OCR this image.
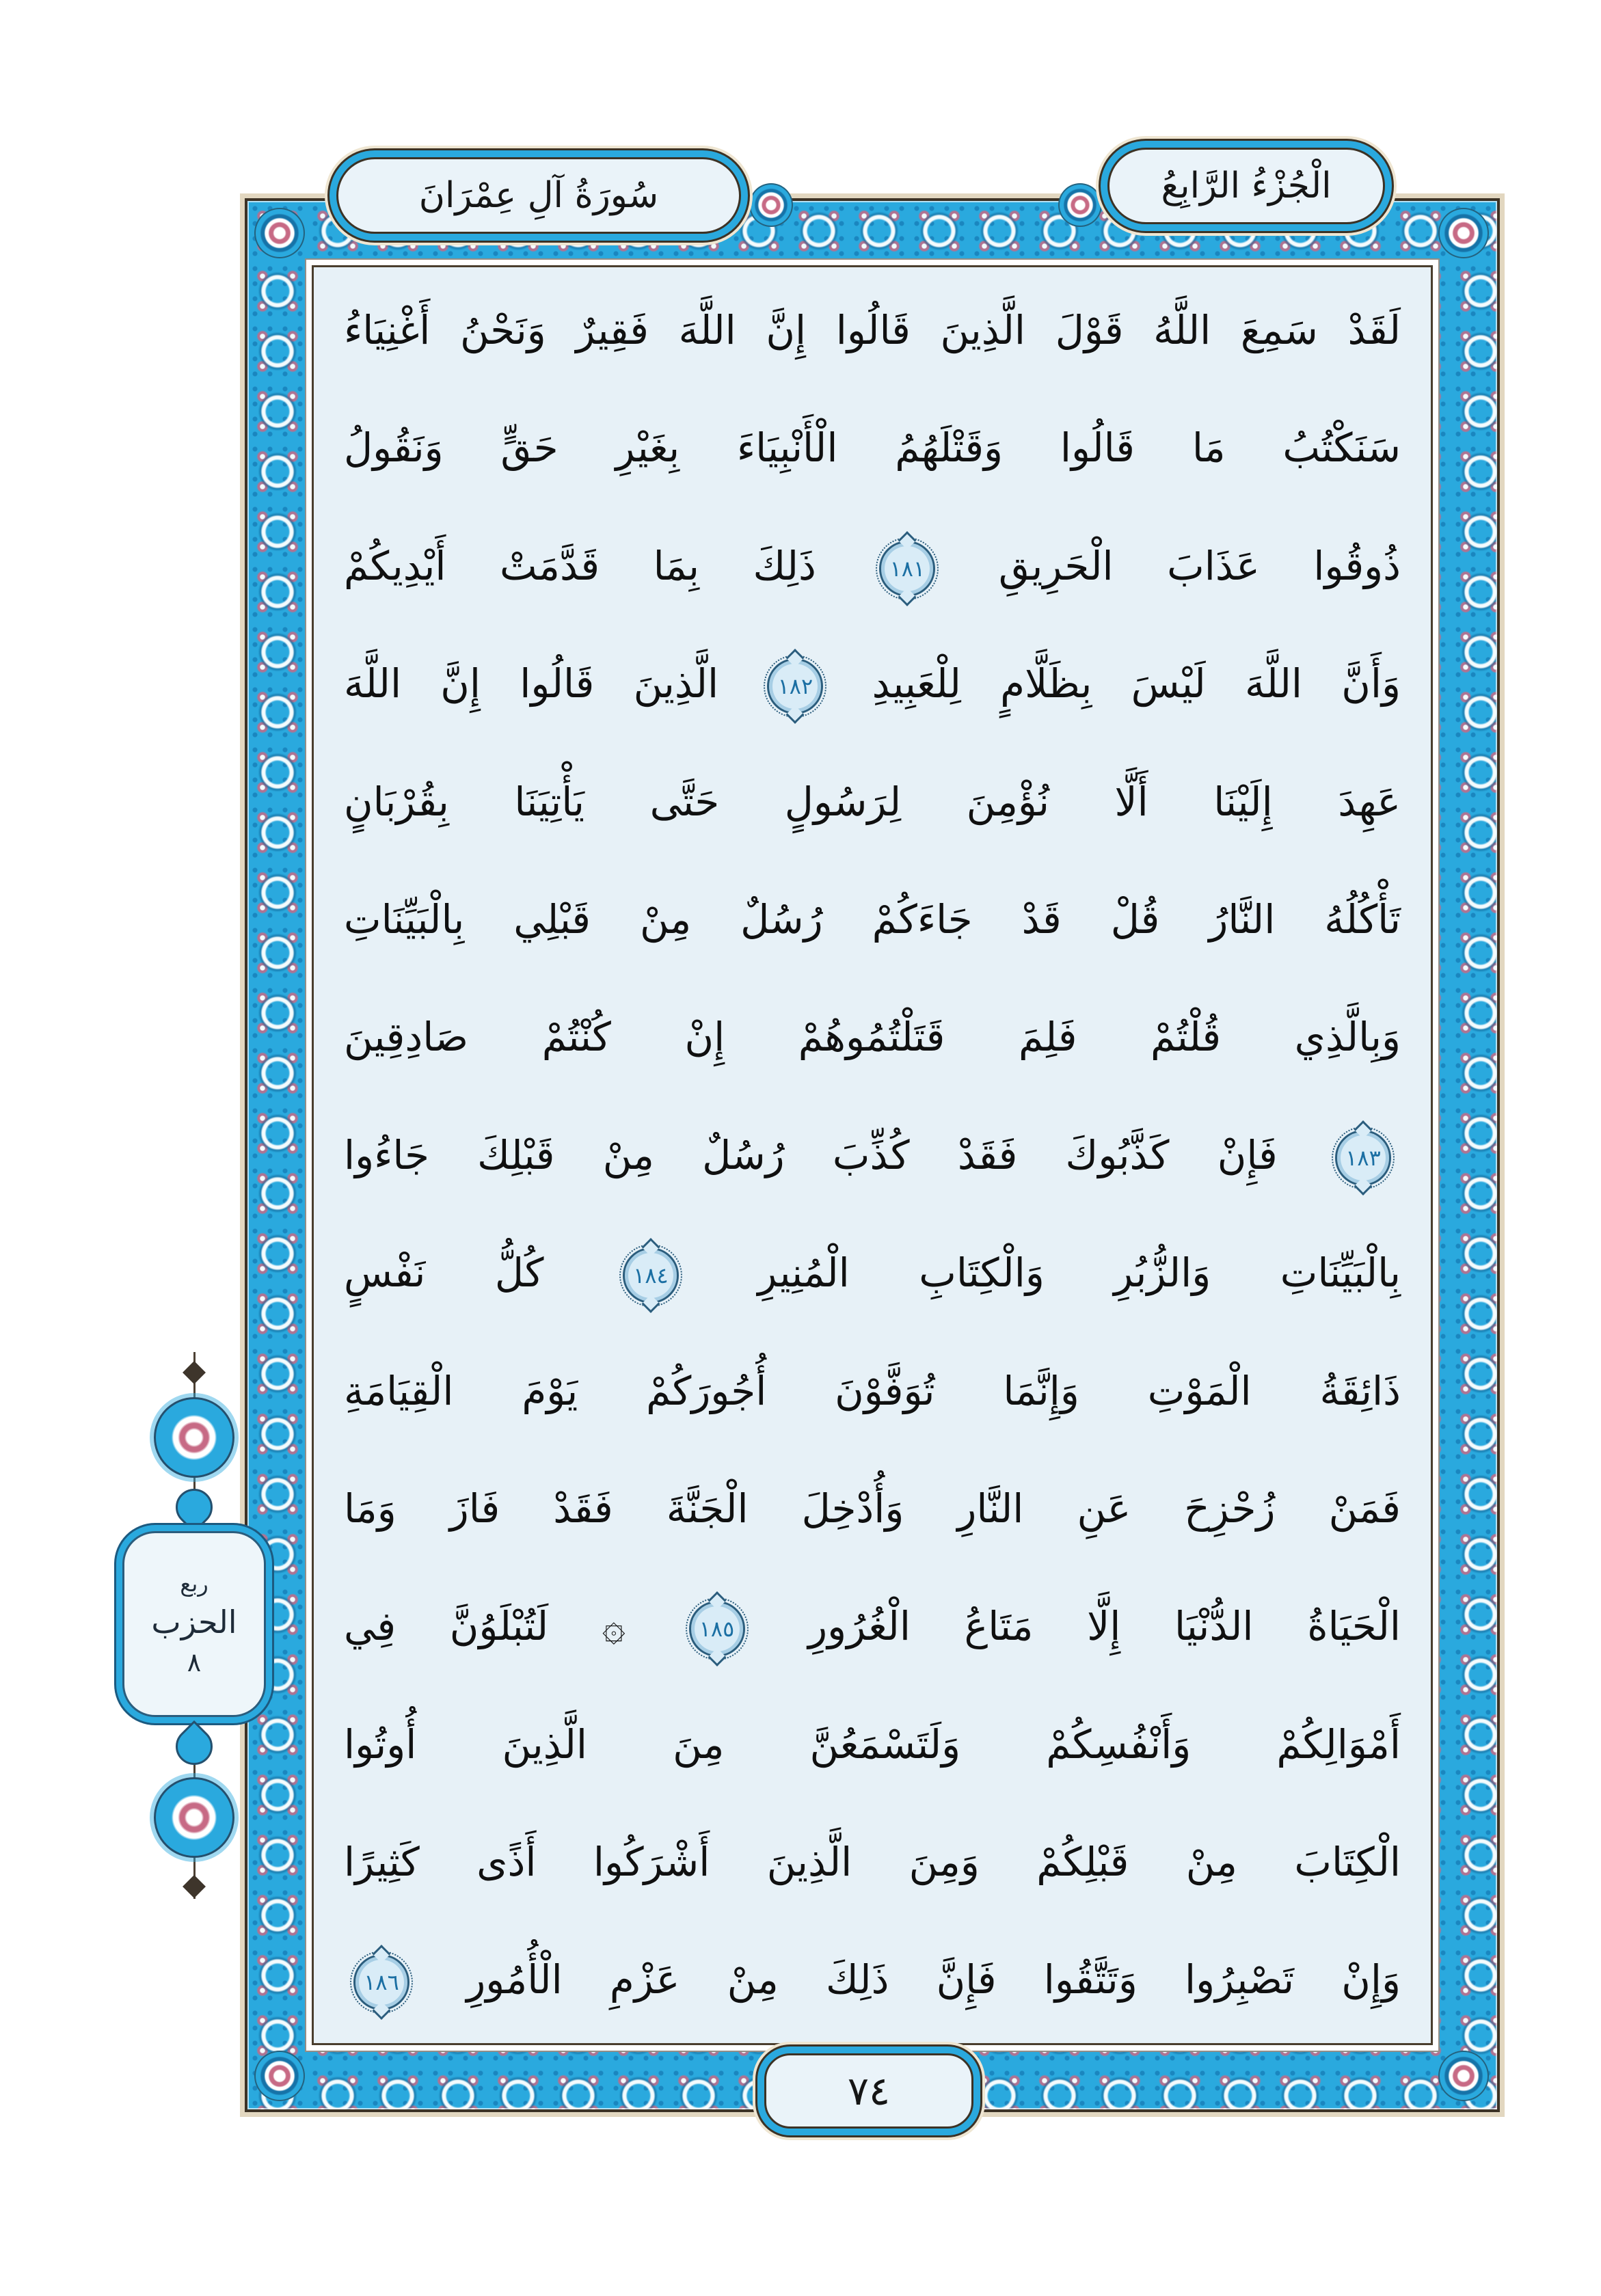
لَقَدْ سَمِعَ اللَّهُ قَوْلَ الَّذِينَ قَالُوا إِنَّ اللَّهَ فَقِيرٌ وَنَحْنُ أَغْنِيَاءُ
سَنَكْتُبُ مَا قَالُوا وَقَتْلَهُمُ الْأَنْبِيَاءَ بِغَيْرِ حَقٍّ وَنَقُولُ
ذُوقُوا عَذَابَ الْحَرِيقِ
١٨١
ذَلِكَ بِمَا قَدَّمَتْ أَيْدِيكُمْ
وَأَنَّ اللَّهَ لَيْسَ بِظَلَّامٍ لِلْعَبِيدِ
١٨٢
الَّذِينَ قَالُوا إِنَّ اللَّهَ
عَهِدَ إِلَيْنَا أَلَّا نُؤْمِنَ لِرَسُولٍ حَتَّى يَأْتِيَنَا بِقُرْبَانٍ
تَأْكُلُهُ النَّارُ قُلْ قَدْ جَاءَكُمْ رُسُلٌ مِنْ قَبْلِي بِالْبَيِّنَاتِ
وَبِالَّذِي قُلْتُمْ فَلِمَ قَتَلْتُمُوهُمْ إِنْ كُنْتُمْ صَادِقِينَ
١٨٣
فَإِنْ كَذَّبُوكَ فَقَدْ كُذِّبَ رُسُلٌ مِنْ قَبْلِكَ جَاءُوا
بِالْبَيِّنَاتِ وَالزُّبُرِ وَالْكِتَابِ الْمُنِيرِ
١٨٤
كُلُّ نَفْسٍ
ذَائِقَةُ الْمَوْتِ وَإِنَّمَا تُوَفَّوْنَ أُجُورَكُمْ يَوْمَ الْقِيَامَةِ
فَمَنْ زُحْزِحَ عَنِ النَّارِ وَأُدْخِلَ الْجَنَّةَ فَقَدْ فَازَ وَمَا
الْحَيَاةُ الدُّنْيَا إِلَّا مَتَاعُ الْغُرُورِ
١٨٥
۞ لَتُبْلَوُنَّ فِي
أَمْوَالِكُمْ وَأَنْفُسِكُمْ وَلَتَسْمَعُنَّ مِنَ الَّذِينَ أُوتُوا
الْكِتَابَ مِنْ قَبْلِكُمْ وَمِنَ الَّذِينَ أَشْرَكُوا أَذًى كَثِيرًا
وَإِنْ تَصْبِرُوا وَتَتَّقُوا فَإِنَّ ذَلِكَ مِنْ عَزْمِ الْأُمُورِ
١٨٦
سُورَةُ آلِ عِمْرَانَ	الْجُزْءُ الرَّابِعُ
٧٤
ربع
الحزب
٨
